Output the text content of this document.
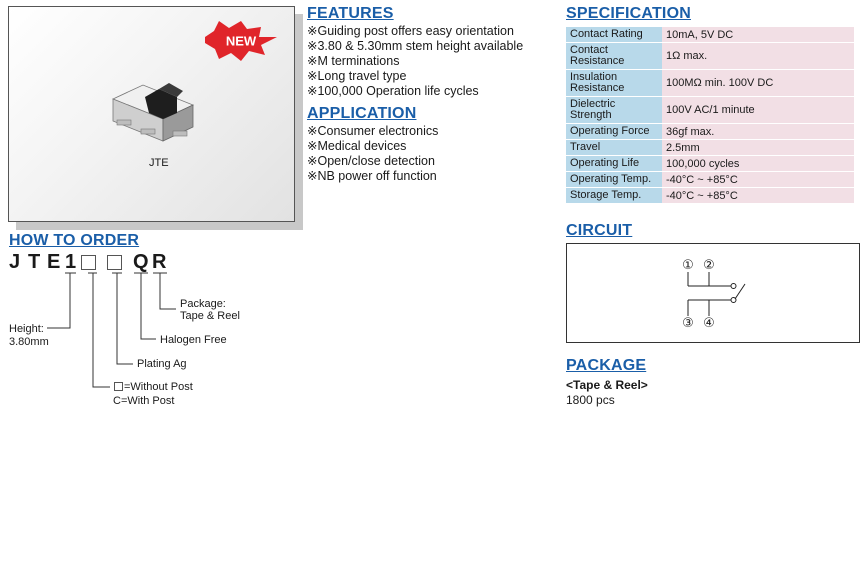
NEW
JTE
FEATURES
※Guiding post offers easy orientation
※3.80 & 5.30mm stem height available
※M terminations
※Long travel type
※100,000 Operation life cycles
APPLICATION
※Consumer electronics
※Medical devices
※Open/close detection
※NB power off function
SPECIFICATION
Contact Rating	10mA, 5V DC
Contact Resistance	1Ω max.
Insulation Resistance	100MΩ min. 100V DC
Dielectric Strength	100V AC/1 minute
Operating Force	36gf max.
Travel	2.5mm
Operating Life	100,000 cycles
Operating Temp.	-40°C ~ +85°C
Storage Temp.	-40°C ~ +85°C
CIRCUIT
① ②
③ ④
PACKAGE
<Tape & Reel>
1800 pcs
HOW TO ORDER
J T E 1	Q R
Package:
Tape & Reel
Halogen Free
Plating Ag
=Without Post
C=With Post
Height:
3.80mm
